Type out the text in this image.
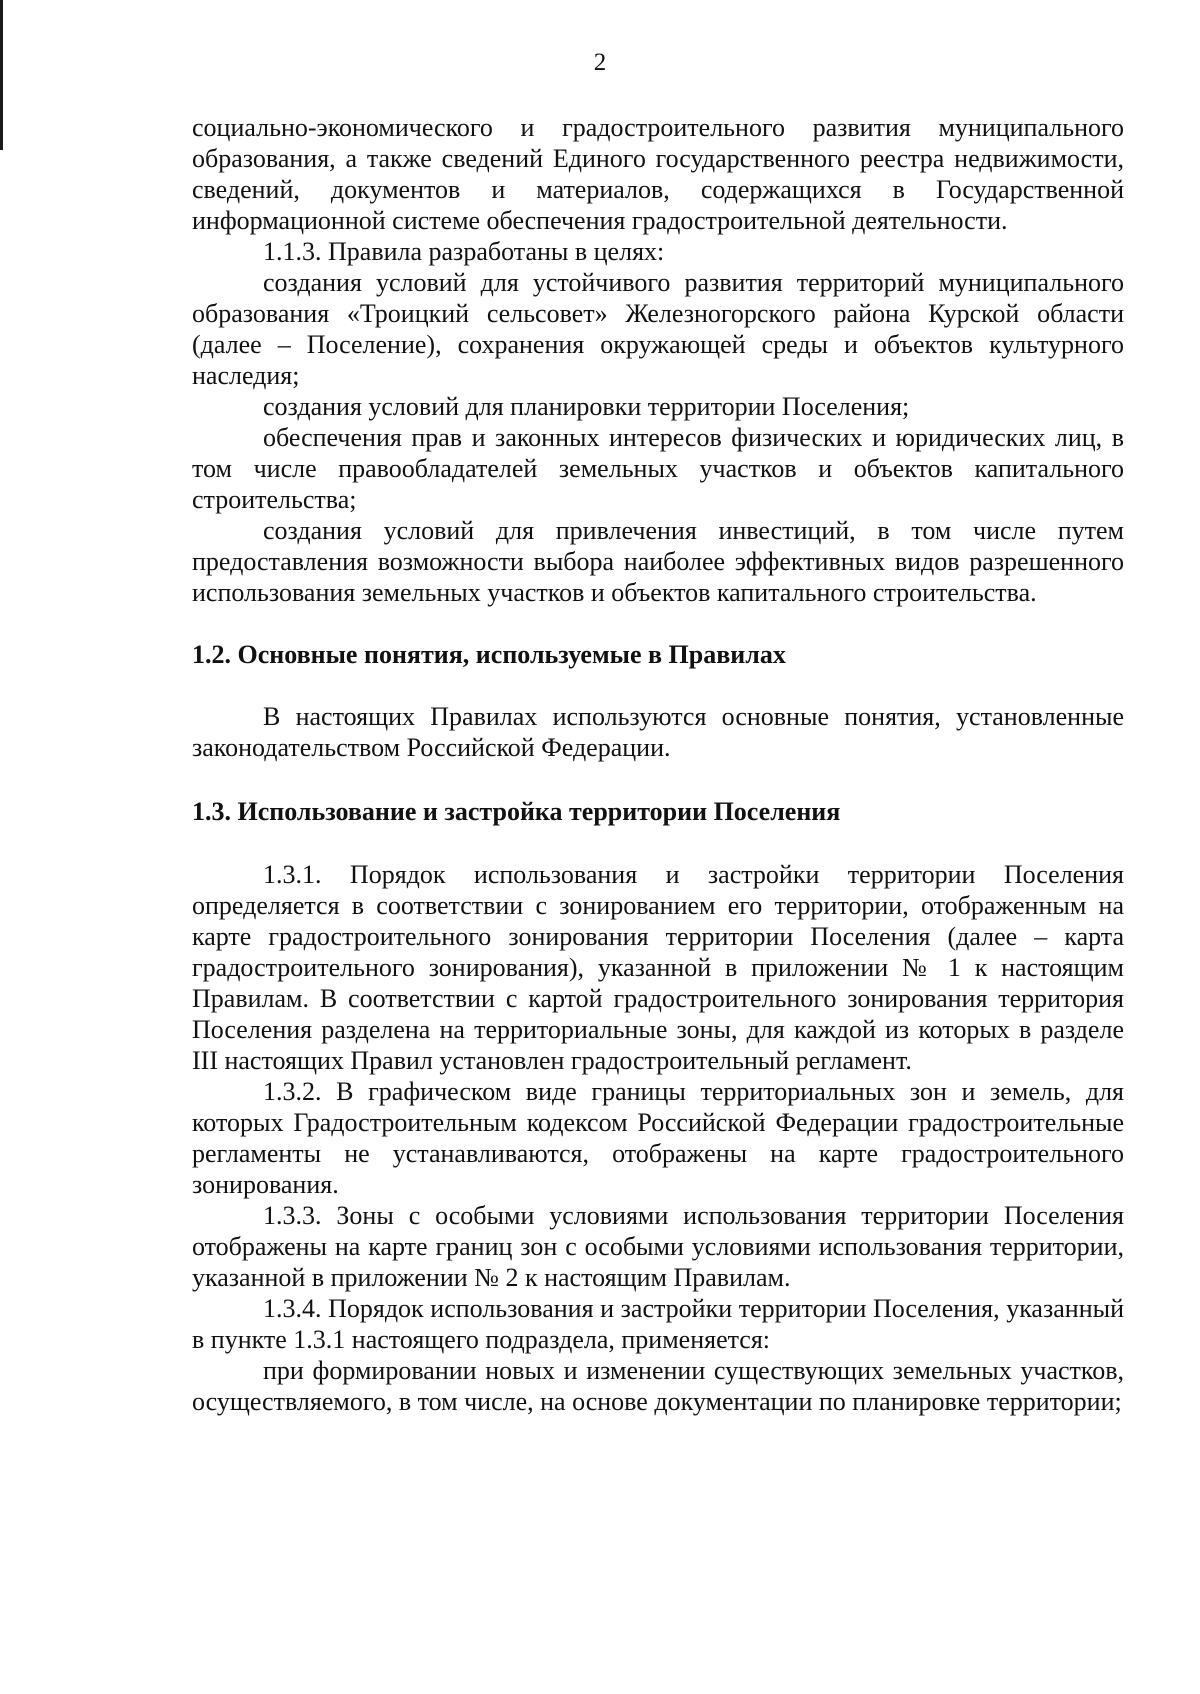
2

социально-экономического и градостроительного развития муниципального образования, а также сведений Единого государственного реестра недвижимости, сведений, документов и материалов, содержащихся в Государственной информационной системе обеспечения градостроительной деятельности.

1.1.3. Правила разработаны в целях:

создания условий для устойчивого развития территорий муниципального образования «Троицкий сельсовет» Железногорского района Курской области (далее – Поселение), сохранения окружающей среды и объектов культурного наследия;

создания условий для планировки территории Поселения;

обеспечения прав и законных интересов физических и юридических лиц, в том числе правообладателей земельных участков и объектов капитального строительства;

создания условий для привлечения инвестиций, в том числе путем предоставления возможности выбора наиболее эффективных видов разрешенного использования земельных участков и объектов капитального строительства.

1.2. Основные понятия, используемые в Правилах

В настоящих Правилах используются основные понятия, установленные законодательством Российской Федерации.

1.3. Использование и застройка территории Поселения

1.3.1. Порядок использования и застройки территории Поселения определяется в соответствии с зонированием его территории, отображенным на карте градостроительного зонирования территории Поселения (далее – карта градостроительного зонирования), указанной в приложении № 1 к настоящим Правилам. В соответствии с картой градостроительного зонирования территория Поселения разделена на территориальные зоны, для каждой из которых в разделе III настоящих Правил установлен градостроительный регламент.

1.3.2. В графическом виде границы территориальных зон и земель, для которых Градостроительным кодексом Российской Федерации градостроительные регламенты не устанавливаются, отображены на карте градостроительного зонирования.

1.3.3. Зоны с особыми условиями использования территории Поселения отображены на карте границ зон с особыми условиями использования территории, указанной в приложении № 2 к настоящим Правилам.

1.3.4. Порядок использования и застройки территории Поселения, указанный в пункте 1.3.1 настоящего подраздела, применяется:

при формировании новых и изменении существующих земельных участков, осуществляемого, в том числе, на основе документации по планировке территории;
